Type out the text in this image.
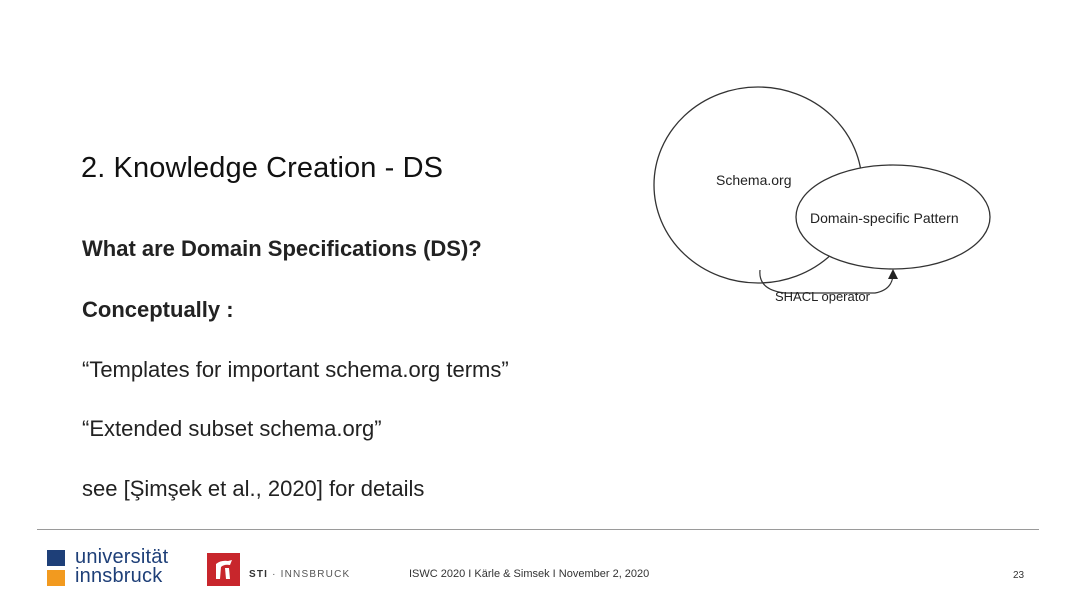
2. Knowledge Creation - DS
What are Domain Specifications (DS)?
Conceptually :
“Templates for important schema.org terms”
“Extended subset schema.org”
see [Şimşek et al., 2020] for details
Schema.org
Domain-specific Pattern
SHACL operator
universität
innsbruck	STI · INNSBRUCK	ISWC 2020 I Kärle & Simsek I November 2, 2020	23
